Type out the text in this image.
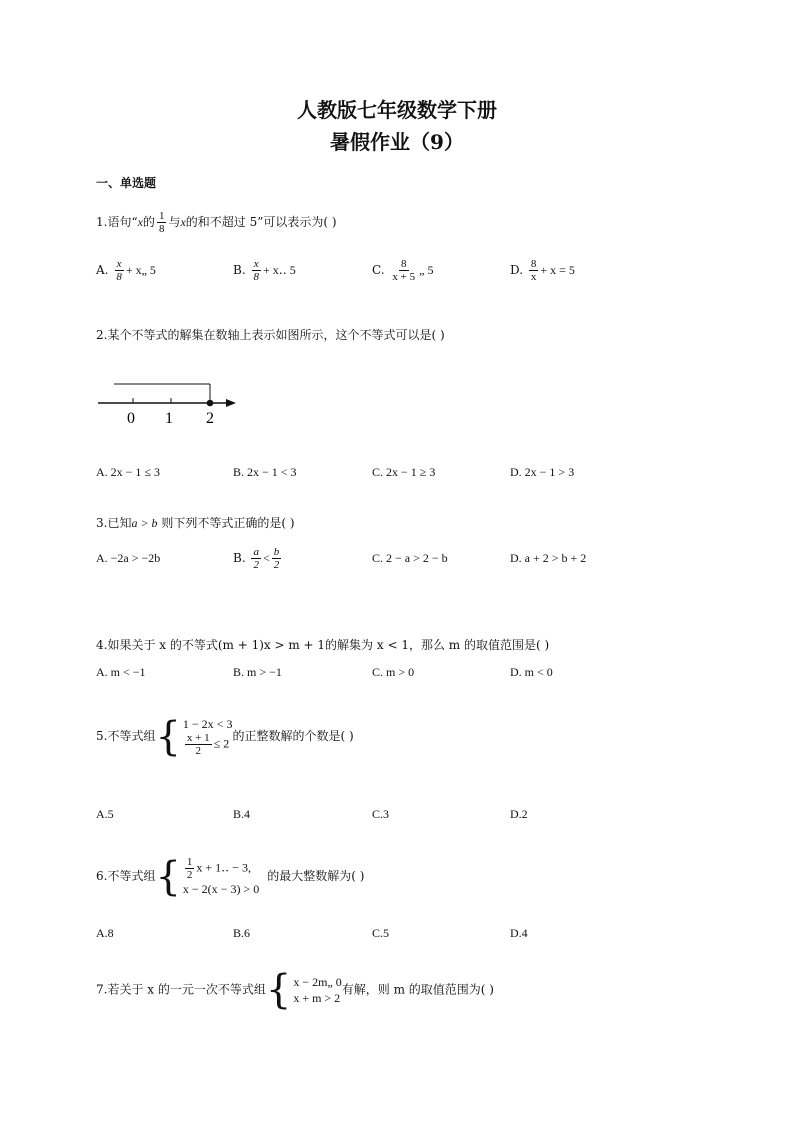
人教版七年级数学下册
暑假作业（9）
一、单选题
1.语句“x的 $\frac{1}{8}$ 与x的和不超过 5”可以表示为( )
A. $\frac{x}{8}$ + x„ 5	B. $\frac{x}{8}$ + x‥ 5	C. $\frac{8}{x + 5}$ „ 5	D. $\frac{8}{x} + x = 5$
2.某个不等式的解集在数轴上表示如图所示，这个不等式可以是( )
0 1 2
A. 2x − 1 ≤ 3	B. 2x − 1 < 3	C. 2x − 1 ≥ 3	D. 2x − 1 > 3
3.已知a > b 则下列不等式正确的是( )
A. −2a > −2b	B. $\frac{a}{2} < \frac{b}{2}$	C. 2 − a > 2 − b	D. a + 2 > b + 2
4.如果关于 x 的不等式(m + 1)x > m + 1的解集为 x < 1，那么 m 的取值范围是( )
A. m < −1	B. m > −1	C. m > 0	D. m < 0
5.不等式组 { 1 − 2x < 3
$\frac{x + 1}{2} \le 2$
的正整数解的个数是( )
A.5	B.4	C.3	D.2
6.不等式组 { $\frac{1}{2}$ x + 1‥ − 3,
x − 2(x − 3) > 0
的最大整数解为( )
A.8	B.6	C.5	D.4
7.若关于 x 的一元一次不等式组 { x − 2m„ 0
x + m > 2
有解，则 m 的取值范围为( )
